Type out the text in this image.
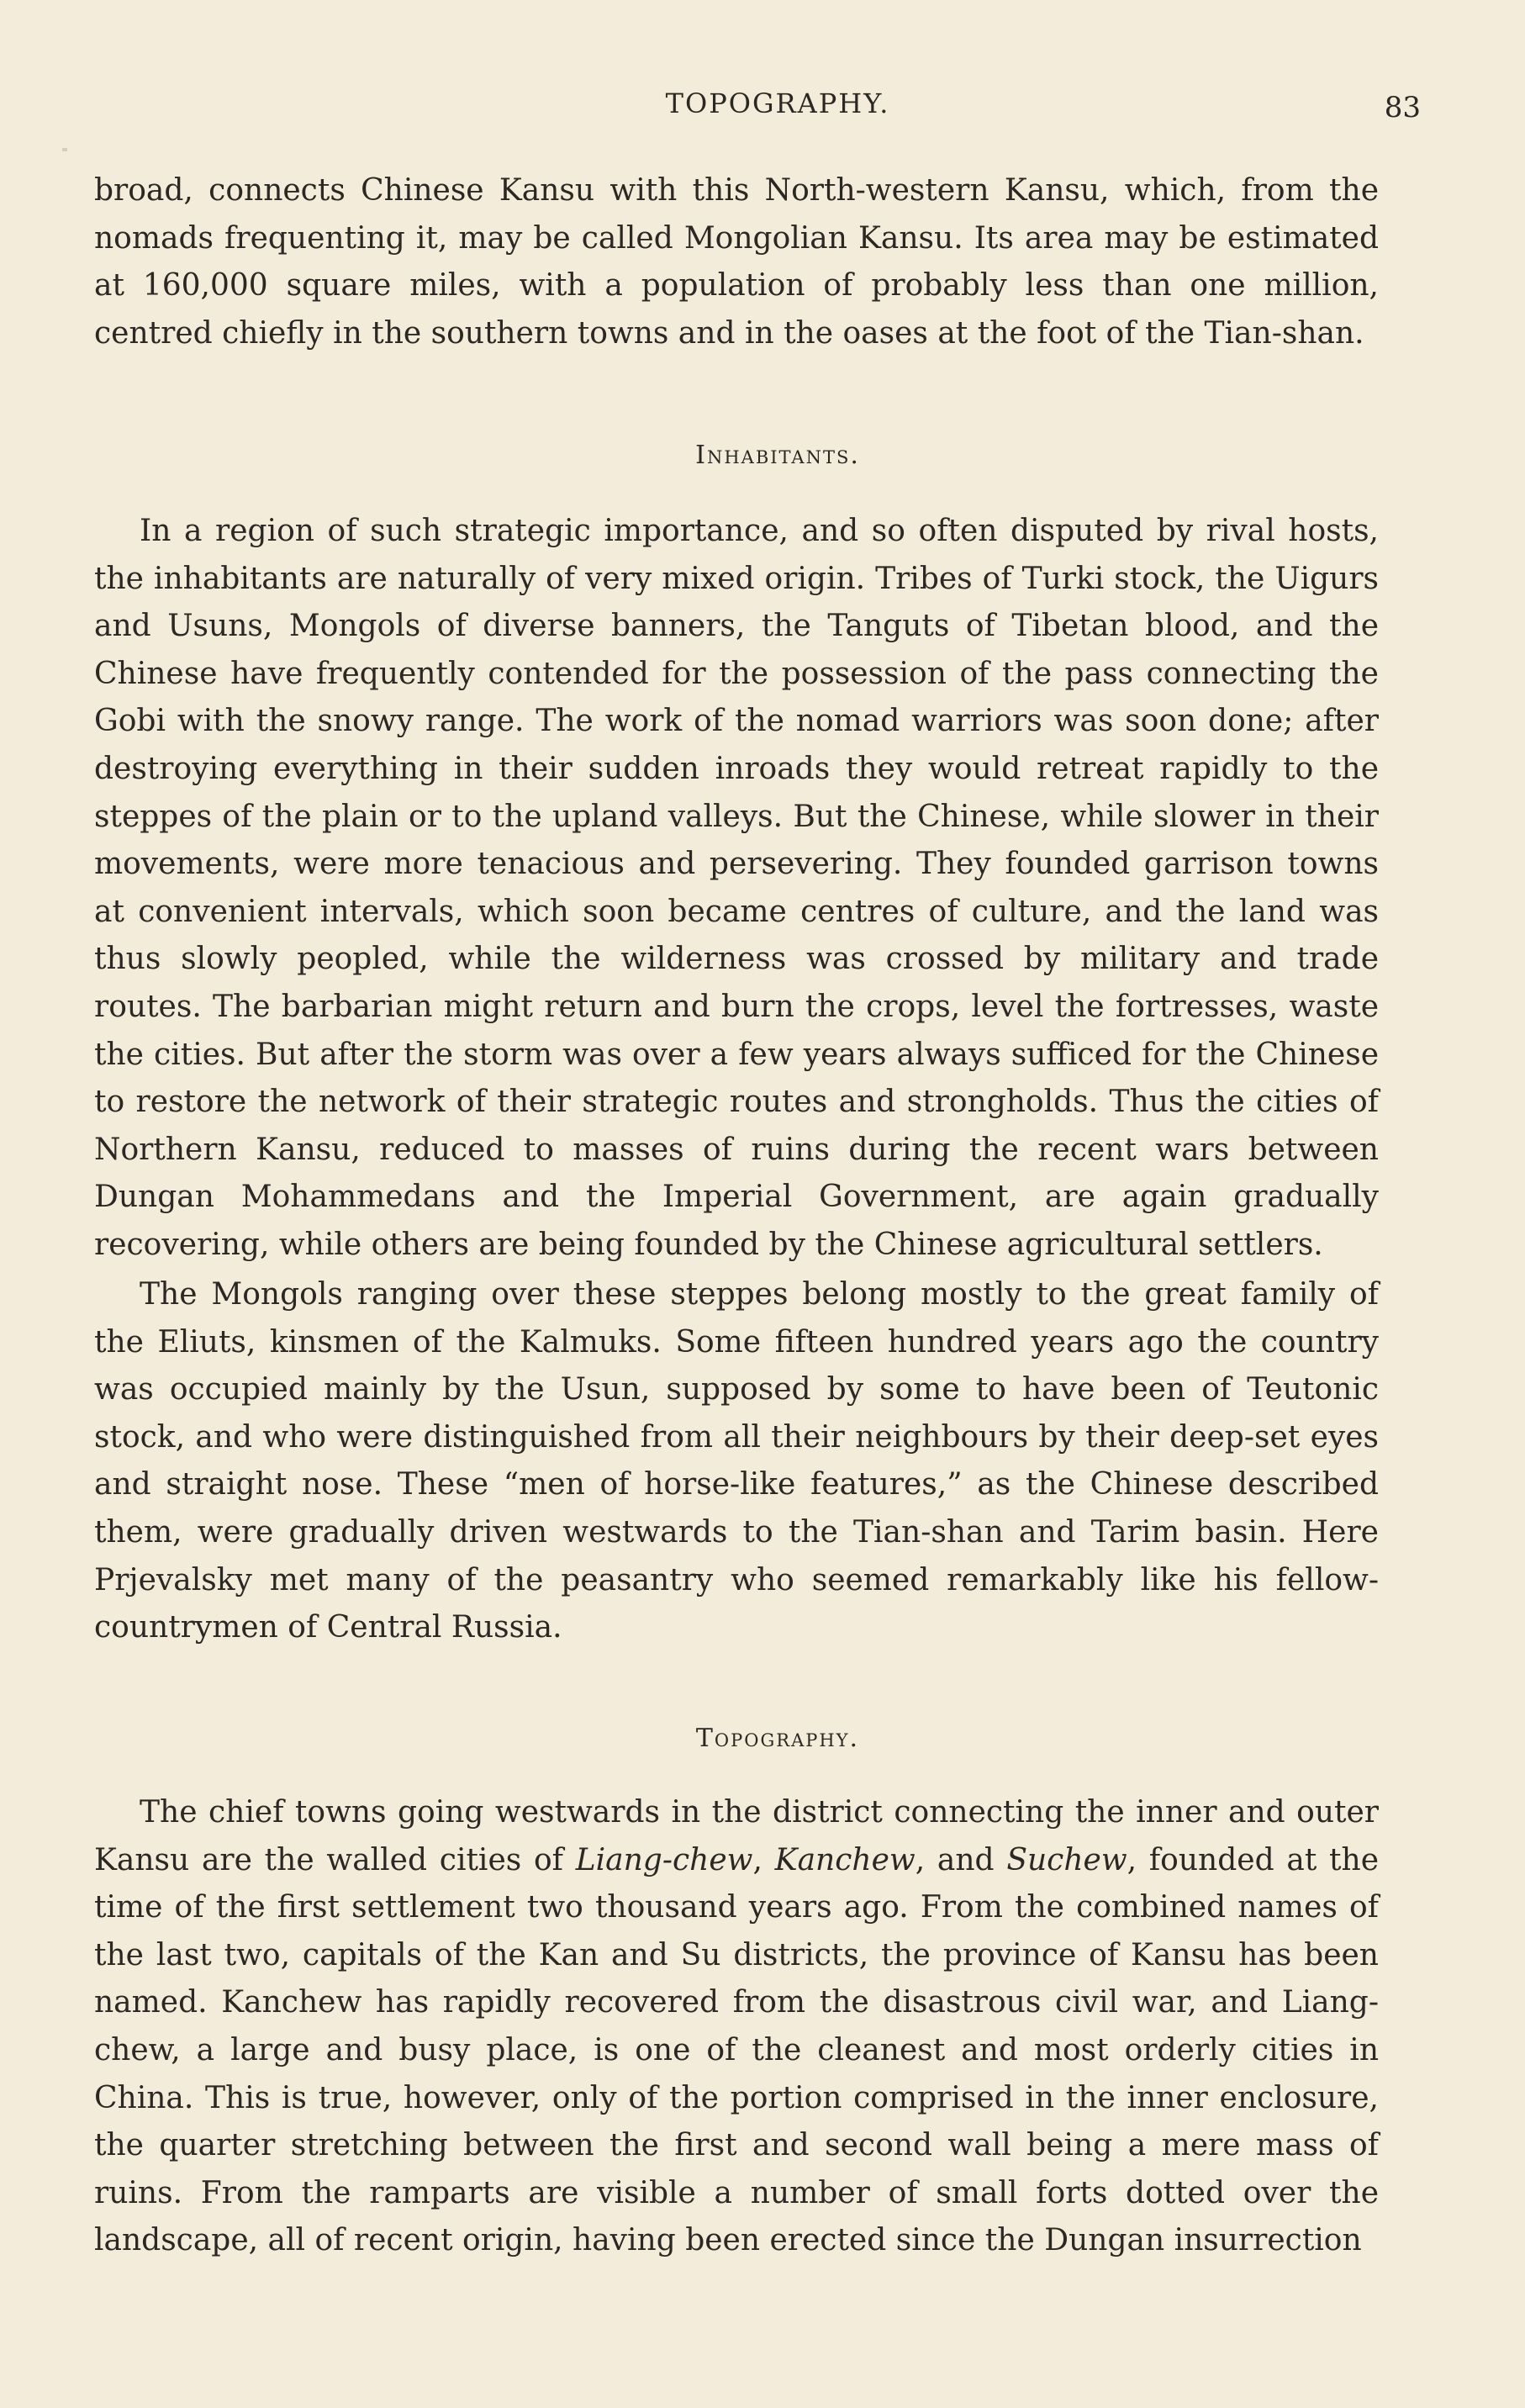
TOPOGRAPHY.	83

broad, connects Chinese Kansu with this North-western Kansu, which, from the nomads frequenting it, may be called Mongolian Kansu. Its area may be estimated at 160,000 square miles, with a population of probably less than one million, centred chiefly in the southern towns and in the oases at the foot of the Tian-shan.

Inhabitants.

In a region of such strategic importance, and so often disputed by rival hosts, the inhabitants are naturally of very mixed origin. Tribes of Turki stock, the Uigurs and Usuns, Mongols of diverse banners, the Tanguts of Tibetan blood, and the Chinese have frequently contended for the possession of the pass connecting the Gobi with the snowy range. The work of the nomad warriors was soon done; after destroying everything in their sudden inroads they would retreat rapidly to the steppes of the plain or to the upland valleys. But the Chinese, while slower in their movements, were more tenacious and persevering. They founded garrison towns at convenient intervals, which soon became centres of culture, and the land was thus slowly peopled, while the wilderness was crossed by military and trade routes. The barbarian might return and burn the crops, level the fortresses, waste the cities. But after the storm was over a few years always sufficed for the Chinese to restore the network of their strategic routes and strongholds. Thus the cities of Northern Kansu, reduced to masses of ruins during the recent wars between Dungan Mohammedans and the Imperial Government, are again gradually recovering, while others are being founded by the Chinese agricultural settlers.

The Mongols ranging over these steppes belong mostly to the great family of the Eliuts, kinsmen of the Kalmuks. Some fifteen hundred years ago the country was occupied mainly by the Usun, supposed by some to have been of Teutonic stock, and who were distinguished from all their neighbours by their deep-set eyes and straight nose. These “men of horse-like features,” as the Chinese described them, were gradually driven westwards to the Tian-shan and Tarim basin. Here Prjevalsky met many of the peasantry who seemed remarkably like his fellow-countrymen of Central Russia.

Topography.

The chief towns going westwards in the district connecting the inner and outer Kansu are the walled cities of Liang-chew, Kanchew, and Suchew, founded at the time of the first settlement two thousand years ago. From the combined names of the last two, capitals of the Kan and Su districts, the province of Kansu has been named. Kanchew has rapidly recovered from the disastrous civil war, and Liang-chew, a large and busy place, is one of the cleanest and most orderly cities in China. This is true, however, only of the portion comprised in the inner enclosure, the quarter stretching between the first and second wall being a mere mass of ruins. From the ramparts are visible a number of small forts dotted over the landscape, all of recent origin, having been erected since the Dungan insurrection
